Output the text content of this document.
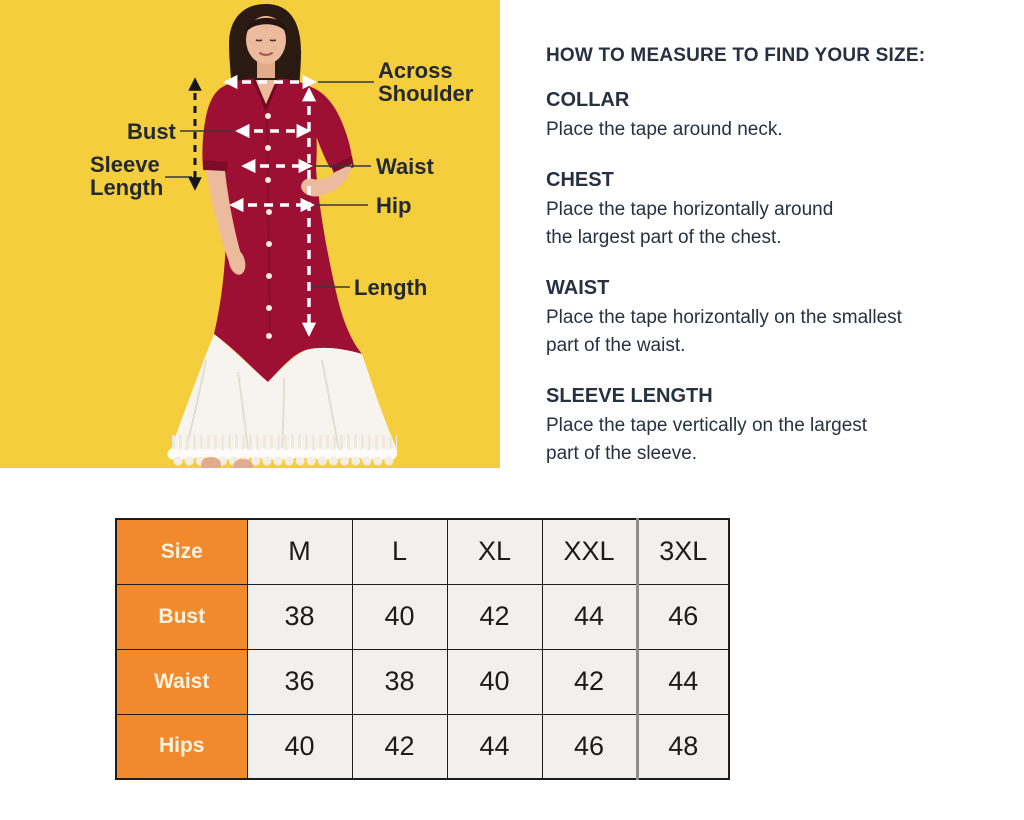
Across
Shoulder
Bust
Sleeve
Length
Waist
Hip
Length
HOW TO MEASURE TO FIND YOUR SIZE:
COLLAR
Place the tape around neck.
CHEST
Place the tape horizontally around
the largest part of the chest.
WAIST
Place the tape horizontally on the smallest
part of the waist.
SLEEVE LENGTH
Place the tape vertically on the largest
part of the sleeve.
Size	M	L	XL	XXL	3XL
Bust	38	40	42	44	46
Waist	36	38	40	42	44
Hips	40	42	44	46	48
